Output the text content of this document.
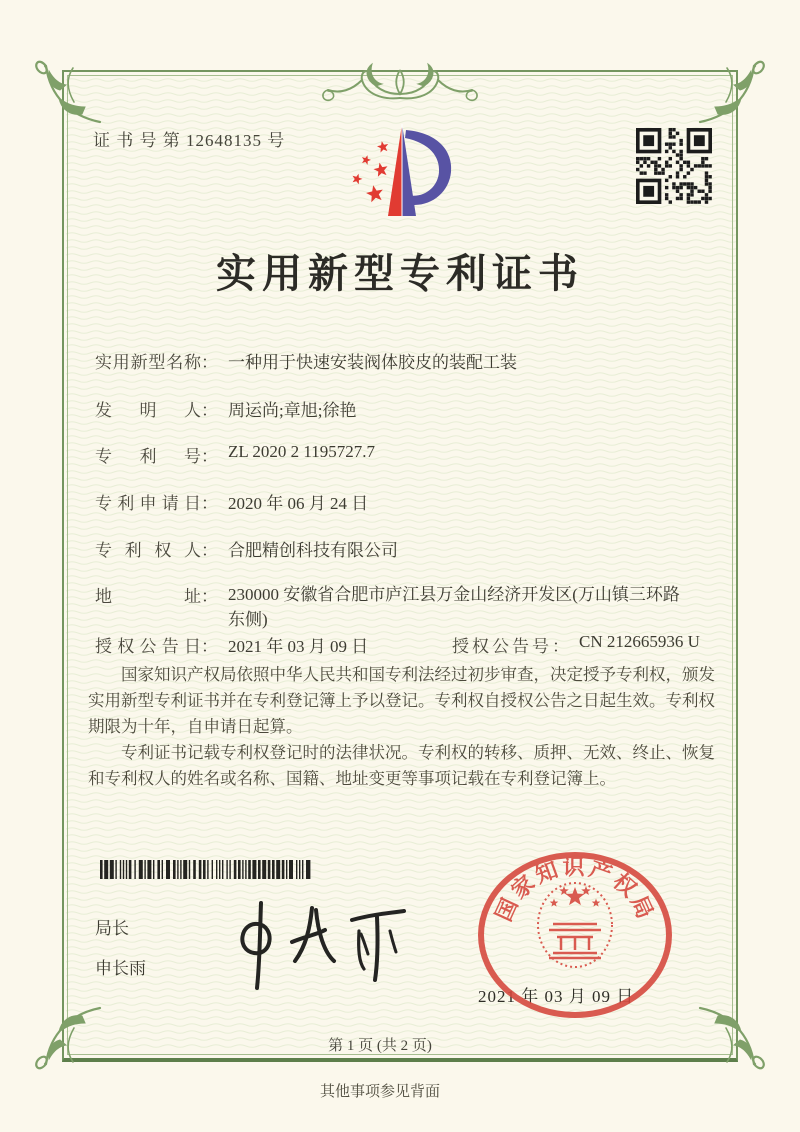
证 书 号 第 12648135 号
实用新型专利证书
实用新型名称： 一种用于快速安装阀体胶皮的装配工装
发明人： 周运尚;章旭;徐艳
专利号： ZL 2020 2 1195727.7
专利申请日： 2020 年 06 月 24 日
专利权人： 合肥精创科技有限公司
地址： 230000 安徽省合肥市庐江县万金山经济开发区(万山镇三环路东侧)
授权公告日： 2021 年 03 月 09 日	授权公告号： CN 212665936 U

国家知识产权局依照中华人民共和国专利法经过初步审查，决定授予专利权，颁发实用新型专利证书并在专利登记簿上予以登记。专利权自授权公告之日起生效。专利权期限为十年，自申请日起算。

专利证书记载专利权登记时的法律状况。专利权的转移、质押、无效、终止、恢复和专利权人的姓名或名称、国籍、地址变更等事项记载在专利登记簿上。

局长
申长雨
2021 年 03 月 09 日
国家知识产权局
第 1 页 (共 2 页)
其他事项参见背面
